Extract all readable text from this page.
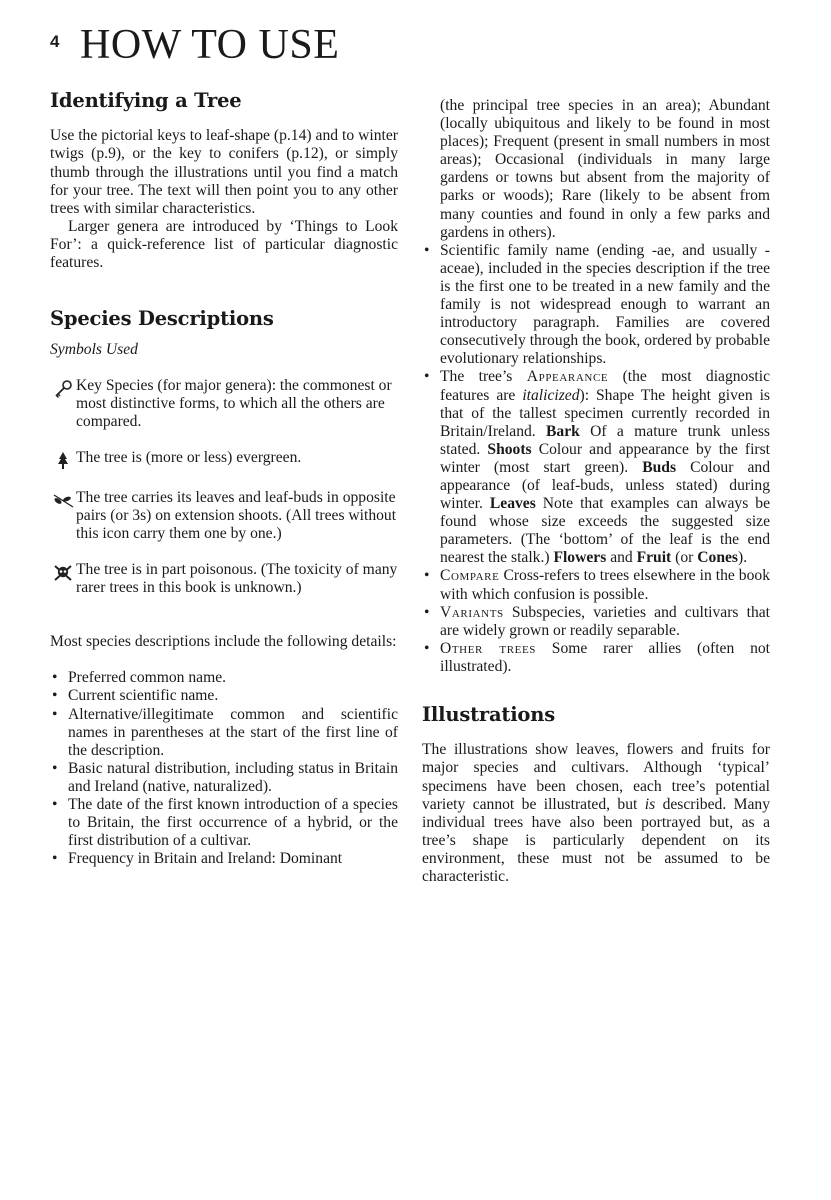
4 HOW TO USE
Identifying a Tree

Use the pictorial keys to leaf-shape (p.14) and to winter twigs (p.9), or the key to conifers (p.12), or simply thumb through the illustrations until you find a match for your tree. The text will then point you to any other trees with similar characteristics.

Larger genera are introduced by ‘Things to Look For’: a quick-reference list of particular diagnostic features.

Species Descriptions

Symbols Used

Key Species (for major genera): the commonest or most distinctive forms, to which all the others are compared.
The tree is (more or less) evergreen.
The tree carries its leaves and leaf-buds in opposite pairs (or 3s) on extension shoots. (All trees without this icon carry them one by one.)
The tree is in part poisonous. (The toxicity of many rarer trees in this book is unknown.)

Most species descriptions include the following details:

• Preferred common name.
• Current scientific name.
• Alternative/illegitimate common and scientific names in parentheses at the start of the first line of the description.
• Basic natural distribution, including status in Britain and Ireland (native, naturalized).
• The date of the first known introduction of a species to Britain, the first occurrence of a hybrid, or the first distribution of a cultivar.
• Frequency in Britain and Ireland: Dominant

(the principal tree species in an area); Abundant (locally ubiquitous and likely to be found in most places); Frequent (present in small numbers in most areas); Occasional (individuals in many large gardens or towns but absent from the majority of parks or woods); Rare (likely to be absent from many counties and found in only a few parks and gardens in others).

• Scientific family name (ending -ae, and usually -aceae), included in the species description if the tree is the first one to be treated in a new family and the family is not widespread enough to warrant an introductory paragraph. Families are covered consecutively through the book, ordered by probable evolutionary relationships.
• The tree’s Appearance (the most diagnostic features are italicized): Shape The height given is that of the tallest specimen currently recorded in Britain/Ireland. Bark Of a mature trunk unless stated. Shoots Colour and appearance by the first winter (most start green). Buds Colour and appearance (of leaf-buds, unless stated) during winter. Leaves Note that examples can always be found whose size exceeds the suggested size parameters. (The ‘bottom’ of the leaf is the end nearest the stalk.) Flowers and Fruit (or Cones).
• Compare Cross-refers to trees elsewhere in the book with which confusion is possible.
• Variants Subspecies, varieties and cultivars that are widely grown or readily separable.
• Other trees Some rarer allies (often not illustrated).
Illustrations

The illustrations show leaves, flowers and fruits for major species and cultivars. Although ‘typical’ specimens have been chosen, each tree’s potential variety cannot be illustrated, but is described. Many individual trees have also been portrayed but, as a tree’s shape is particularly dependent on its environment, these must not be assumed to be characteristic.
